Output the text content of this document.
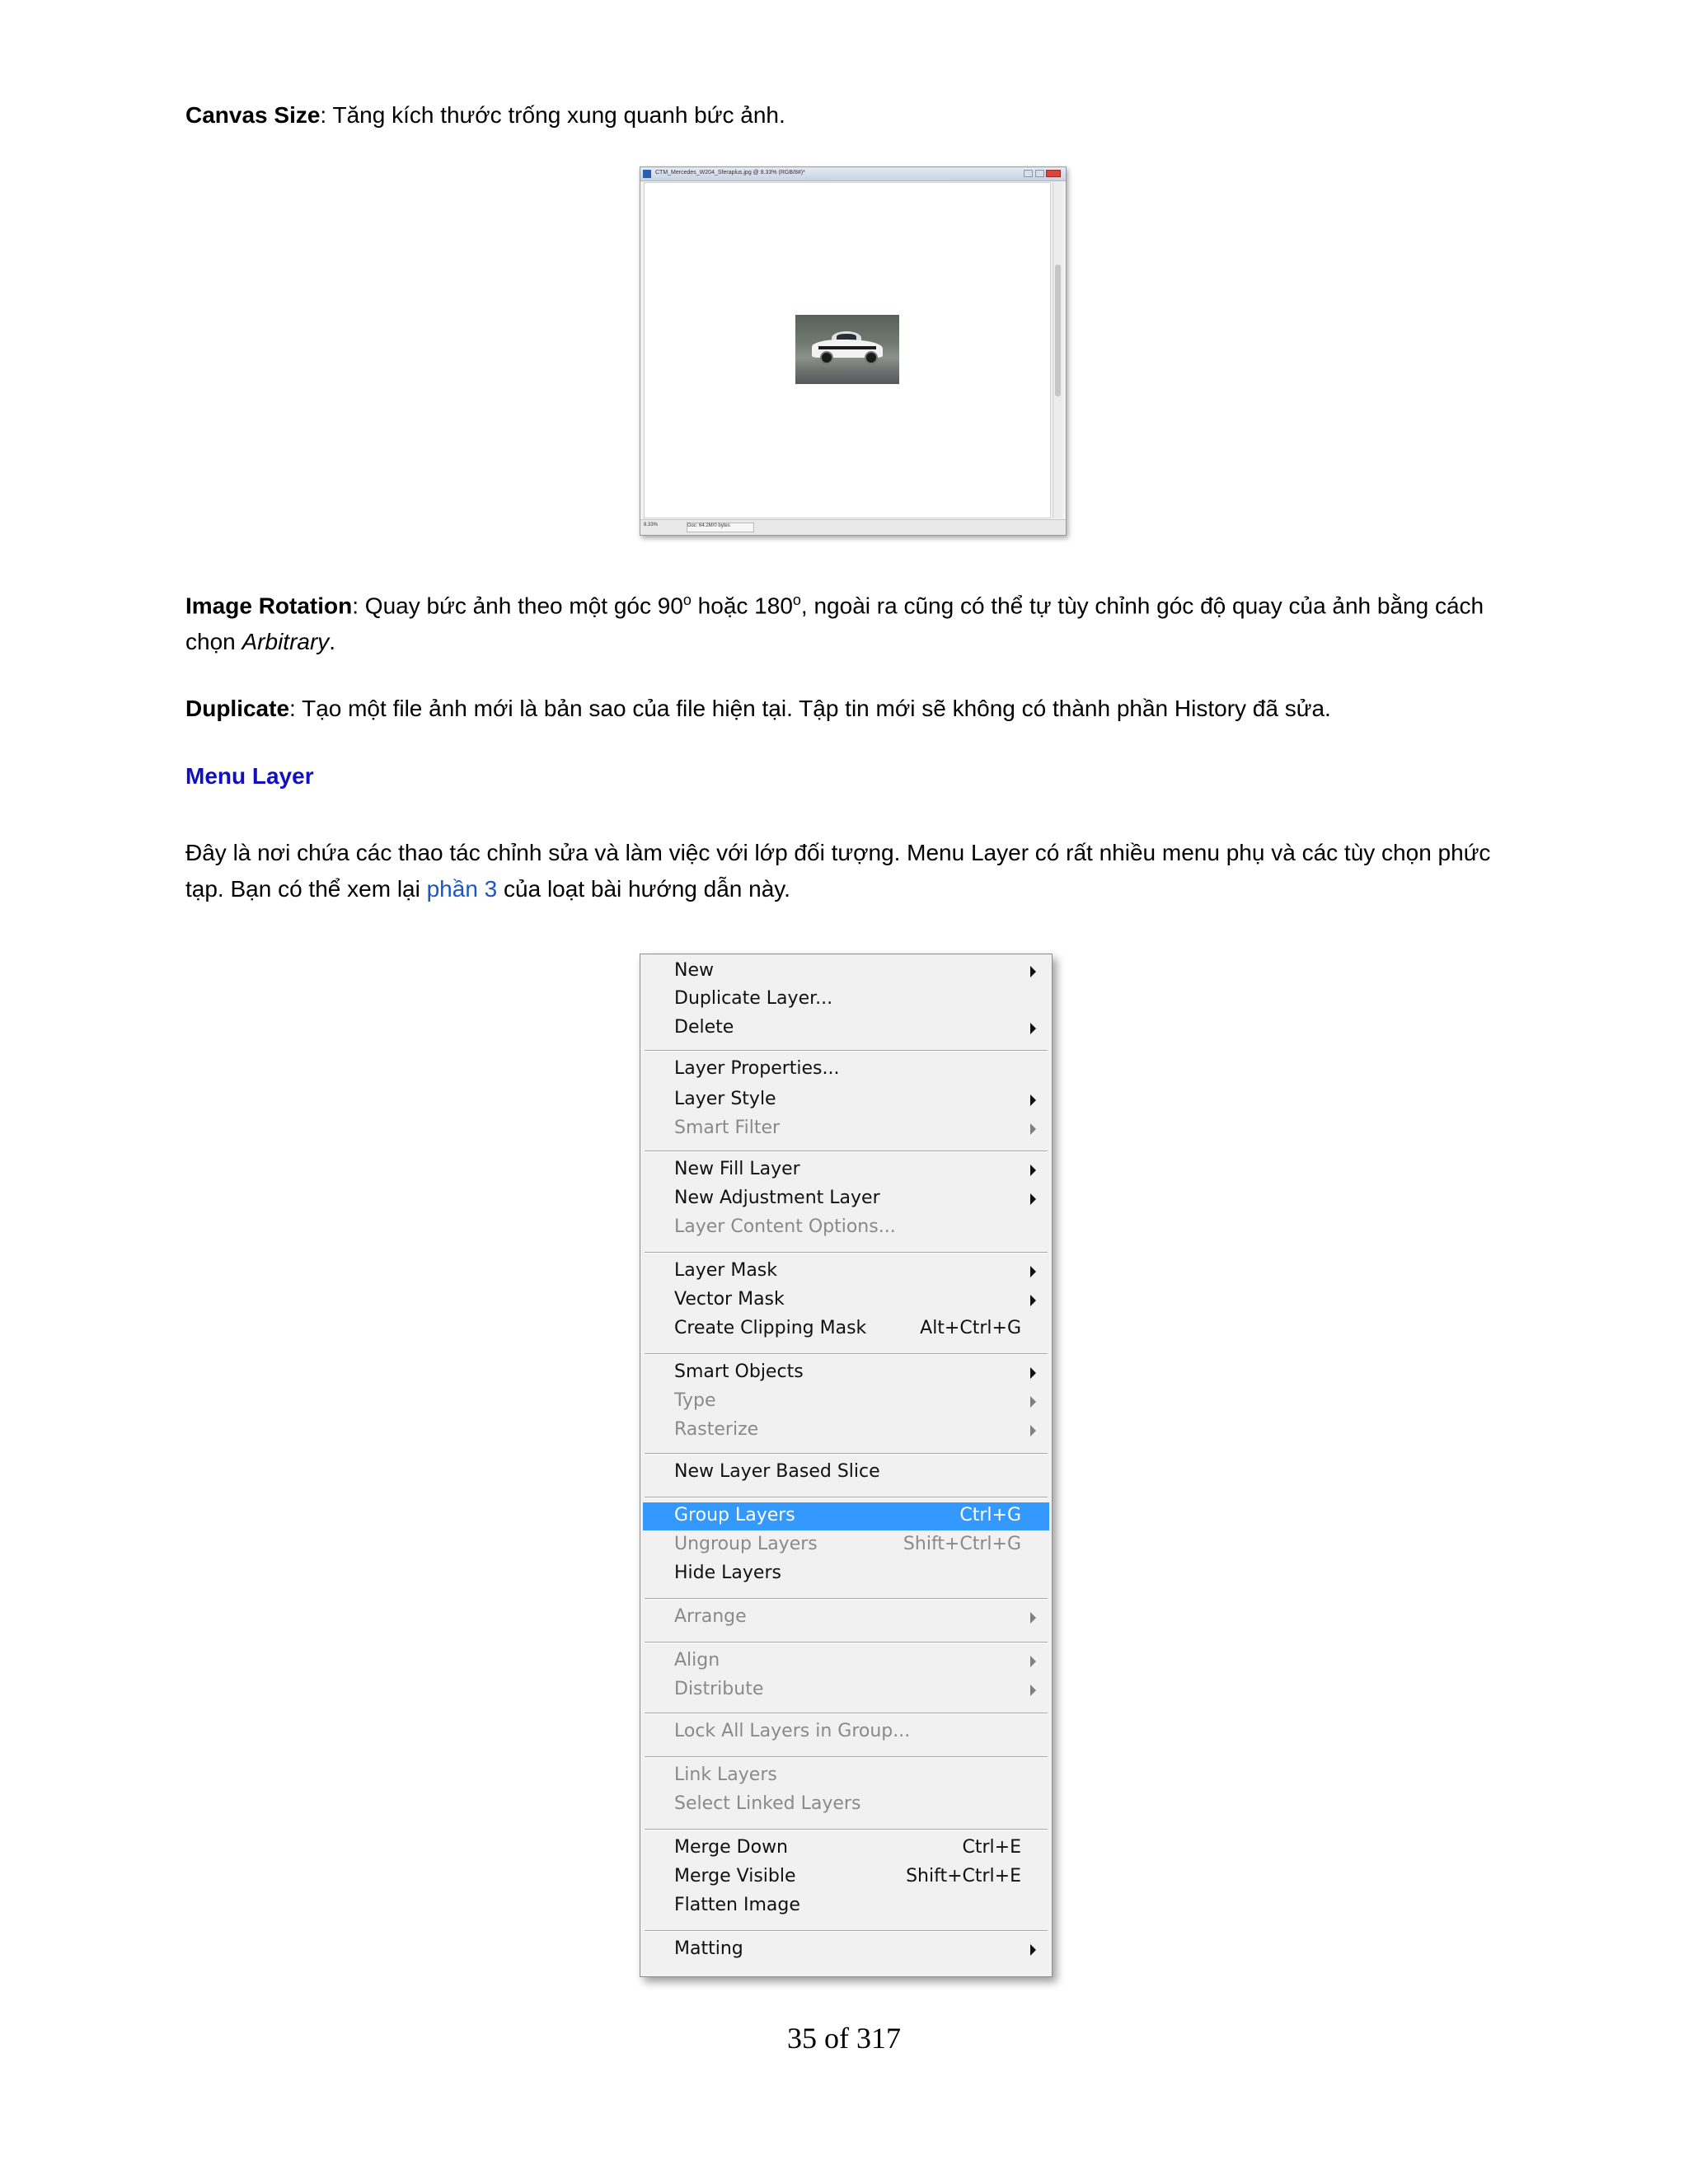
Canvas Size: Tăng kích thước trống xung quanh bức ảnh.
CTM_Mercedes_W204_Sferaplus.jpg @ 8.33% (RGB/8#)*
8.33%	Doc: 64.2M/0 bytes
Image Rotation: Quay bức ảnh theo một góc 90$^o$ hoặc 180$^o$, ngoài ra cũng có thể tự tùy chỉnh góc độ quay của ảnh bằng cách chọn Arbitrary.
Duplicate: Tạo một file ảnh mới là bản sao của file hiện tại. Tập tin mới sẽ không có thành phần History đã sửa.
Menu Layer
Đây là nơi chứa các thao tác chỉnh sửa và làm việc với lớp đối tượng. Menu Layer có rất nhiều menu phụ và các tùy chọn phức tạp. Bạn có thể xem lại phần 3 của loạt bài hướng dẫn này.
New
Duplicate Layer...
Delete
Layer Properties...
Layer Style
Smart Filter
New Fill Layer
New Adjustment Layer
Layer Content Options...
Layer Mask
Vector Mask
Create Clipping Mask	Alt+Ctrl+G
Smart Objects
Type
Rasterize
New Layer Based Slice
Group Layers	Ctrl+G
Ungroup Layers	Shift+Ctrl+G
Hide Layers
Arrange
Align
Distribute
Lock All Layers in Group...
Link Layers
Select Linked Layers
Merge Down	Ctrl+E
Merge Visible	Shift+Ctrl+E
Flatten Image
Matting
35 of 317
